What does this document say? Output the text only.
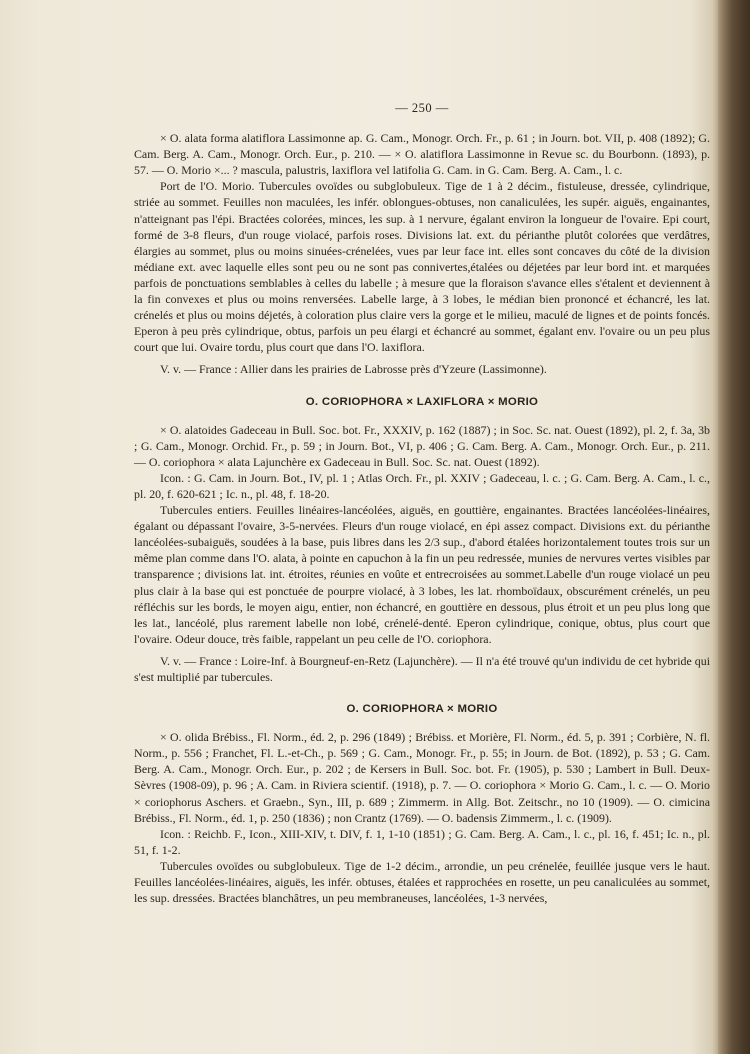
— 250 —

× O. alata forma alatiflora Lassimonne ap. G. Cam., Monogr. Orch. Fr., p. 61 ; in Journ. bot. VII, p. 408 (1892); G. Cam. Berg. A. Cam., Monogr. Orch. Eur., p. 210. — × O. alatiflora Lassimonne in Revue sc. du Bourbonn. (1893), p. 57. — O. Morio ×... ? mascula, palustris, laxiflora vel latifolia G. Cam. in G. Cam. Berg. A. Cam., l. c.

Port de l'O. Morio. Tubercules ovoïdes ou subglobuleux. Tige de 1 à 2 décim., fistuleuse, dressée, cylindrique, striée au sommet. Feuilles non maculées, les infér. oblongues-obtuses, non canaliculées, les supér. aiguës, engainantes, n'atteignant pas l'épi. Bractées colorées, minces, les sup. à 1 nervure, égalant environ la longueur de l'ovaire. Epi court, formé de 3-8 fleurs, d'un rouge violacé, parfois roses. Divisions lat. ext. du périanthe plutôt colorées que verdâtres, élargies au sommet, plus ou moins sinuées-crénelées, vues par leur face int. elles sont concaves du côté de la division médiane ext. avec laquelle elles sont peu ou ne sont pas connivertes,étalées ou déjetées par leur bord int. et marquées parfois de ponctuations semblables à celles du labelle ; à mesure que la floraison s'avance elles s'étalent et deviennent à la fin convexes et plus ou moins renversées. Labelle large, à 3 lobes, le médian bien prononcé et échancré, les lat. crénelés et plus ou moins déjetés, à coloration plus claire vers la gorge et le milieu, maculé de lignes et de points foncés. Eperon à peu près cylindrique, obtus, parfois un peu élargi et échancré au sommet, égalant env. l'ovaire ou un peu plus court que lui. Ovaire tordu, plus court que dans l'O. laxiflora.

V. v. — France : Allier dans les prairies de Labrosse près d'Yzeure (Lassimonne).

O. CORIOPHORA × LAXIFLORA × MORIO

× O. alatoides Gadeceau in Bull. Soc. bot. Fr., XXXIV, p. 162 (1887) ; in Soc. Sc. nat. Ouest (1892), pl. 2, f. 3a, 3b ; G. Cam., Monogr. Orchid. Fr., p. 59 ; in Journ. Bot., VI, p. 406 ; G. Cam. Berg. A. Cam., Monogr. Orch. Eur., p. 211. — O. coriophora × alata Lajunchère ex Gadeceau in Bull. Soc. Sc. nat. Ouest (1892).

Icon. : G. Cam. in Journ. Bot., IV, pl. 1 ; Atlas Orch. Fr., pl. XXIV ; Gadeceau, l. c. ; G. Cam. Berg. A. Cam., l. c., pl. 20, f. 620-621 ; Ic. n., pl. 48, f. 18-20.

Tubercules entiers. Feuilles linéaires-lancéolées, aiguës, en gouttière, engainantes. Bractées lancéolées-linéaires, égalant ou dépassant l'ovaire, 3-5-nervées. Fleurs d'un rouge violacé, en épi assez compact. Divisions ext. du périanthe lancéolées-subaiguës, soudées à la base, puis libres dans les 2/3 sup., d'abord étalées horizontalement toutes trois sur un même plan comme dans l'O. alata, à pointe en capuchon à la fin un peu redressée, munies de nervures vertes visibles par transparence ; divisions lat. int. étroites, réunies en voûte et entrecroisées au sommet.Labelle d'un rouge violacé un peu plus clair à la base qui est ponctuée de pourpre violacé, à 3 lobes, les lat. rhomboïdaux, obscurément crénelés, un peu réfléchis sur les bords, le moyen aigu, entier, non échancré, en gouttière en dessous, plus étroit et un peu plus long que les lat., lancéolé, plus rarement labelle non lobé, crénelé-denté. Eperon cylindrique, conique, obtus, plus court que l'ovaire. Odeur douce, très faible, rappelant un peu celle de l'O. coriophora.

V. v. — France : Loire-Inf. à Bourgneuf-en-Retz (Lajunchère). — Il n'a été trouvé qu'un individu de cet hybride qui s'est multiplié par tubercules.

O. CORIOPHORA × MORIO

× O. olida Brébiss., Fl. Norm., éd. 2, p. 296 (1849) ; Brébiss. et Morière, Fl. Norm., éd. 5, p. 391 ; Corbière, N. fl. Norm., p. 556 ; Franchet, Fl. L.-et-Ch., p. 569 ; G. Cam., Monogr. Fr., p. 55; in Journ. de Bot. (1892), p. 53 ; G. Cam. Berg. A. Cam., Monogr. Orch. Eur., p. 202 ; de Kersers in Bull. Soc. bot. Fr. (1905), p. 530 ; Lambert in Bull. Deux-Sèvres (1908-09), p. 96 ; A. Cam. in Riviera scientif. (1918), p. 7. — O. coriophora × Morio G. Cam., l. c. — O. Morio × coriophorus Aschers. et Graebn., Syn., III, p. 689 ; Zimmerm. in Allg. Bot. Zeitschr., no 10 (1909). — O. cimicina Brébiss., Fl. Norm., éd. 1, p. 250 (1836) ; non Crantz (1769). — O. badensis Zimmerm., l. c. (1909).

Icon. : Reichb. F., Icon., XIII-XIV, t. DIV, f. 1, 1-10 (1851) ; G. Cam. Berg. A. Cam., l. c., pl. 16, f. 451; Ic. n., pl. 51, f. 1-2.

Tubercules ovoïdes ou subglobuleux. Tige de 1-2 décim., arrondie, un peu crénelée, feuillée jusque vers le haut. Feuilles lancéolées-linéaires, aiguës, les infér. obtuses, étalées et rapprochées en rosette, un peu canaliculées au sommet, les sup. dressées. Bractées blanchâtres, un peu membraneuses, lancéolées, 1-3 nervées,
